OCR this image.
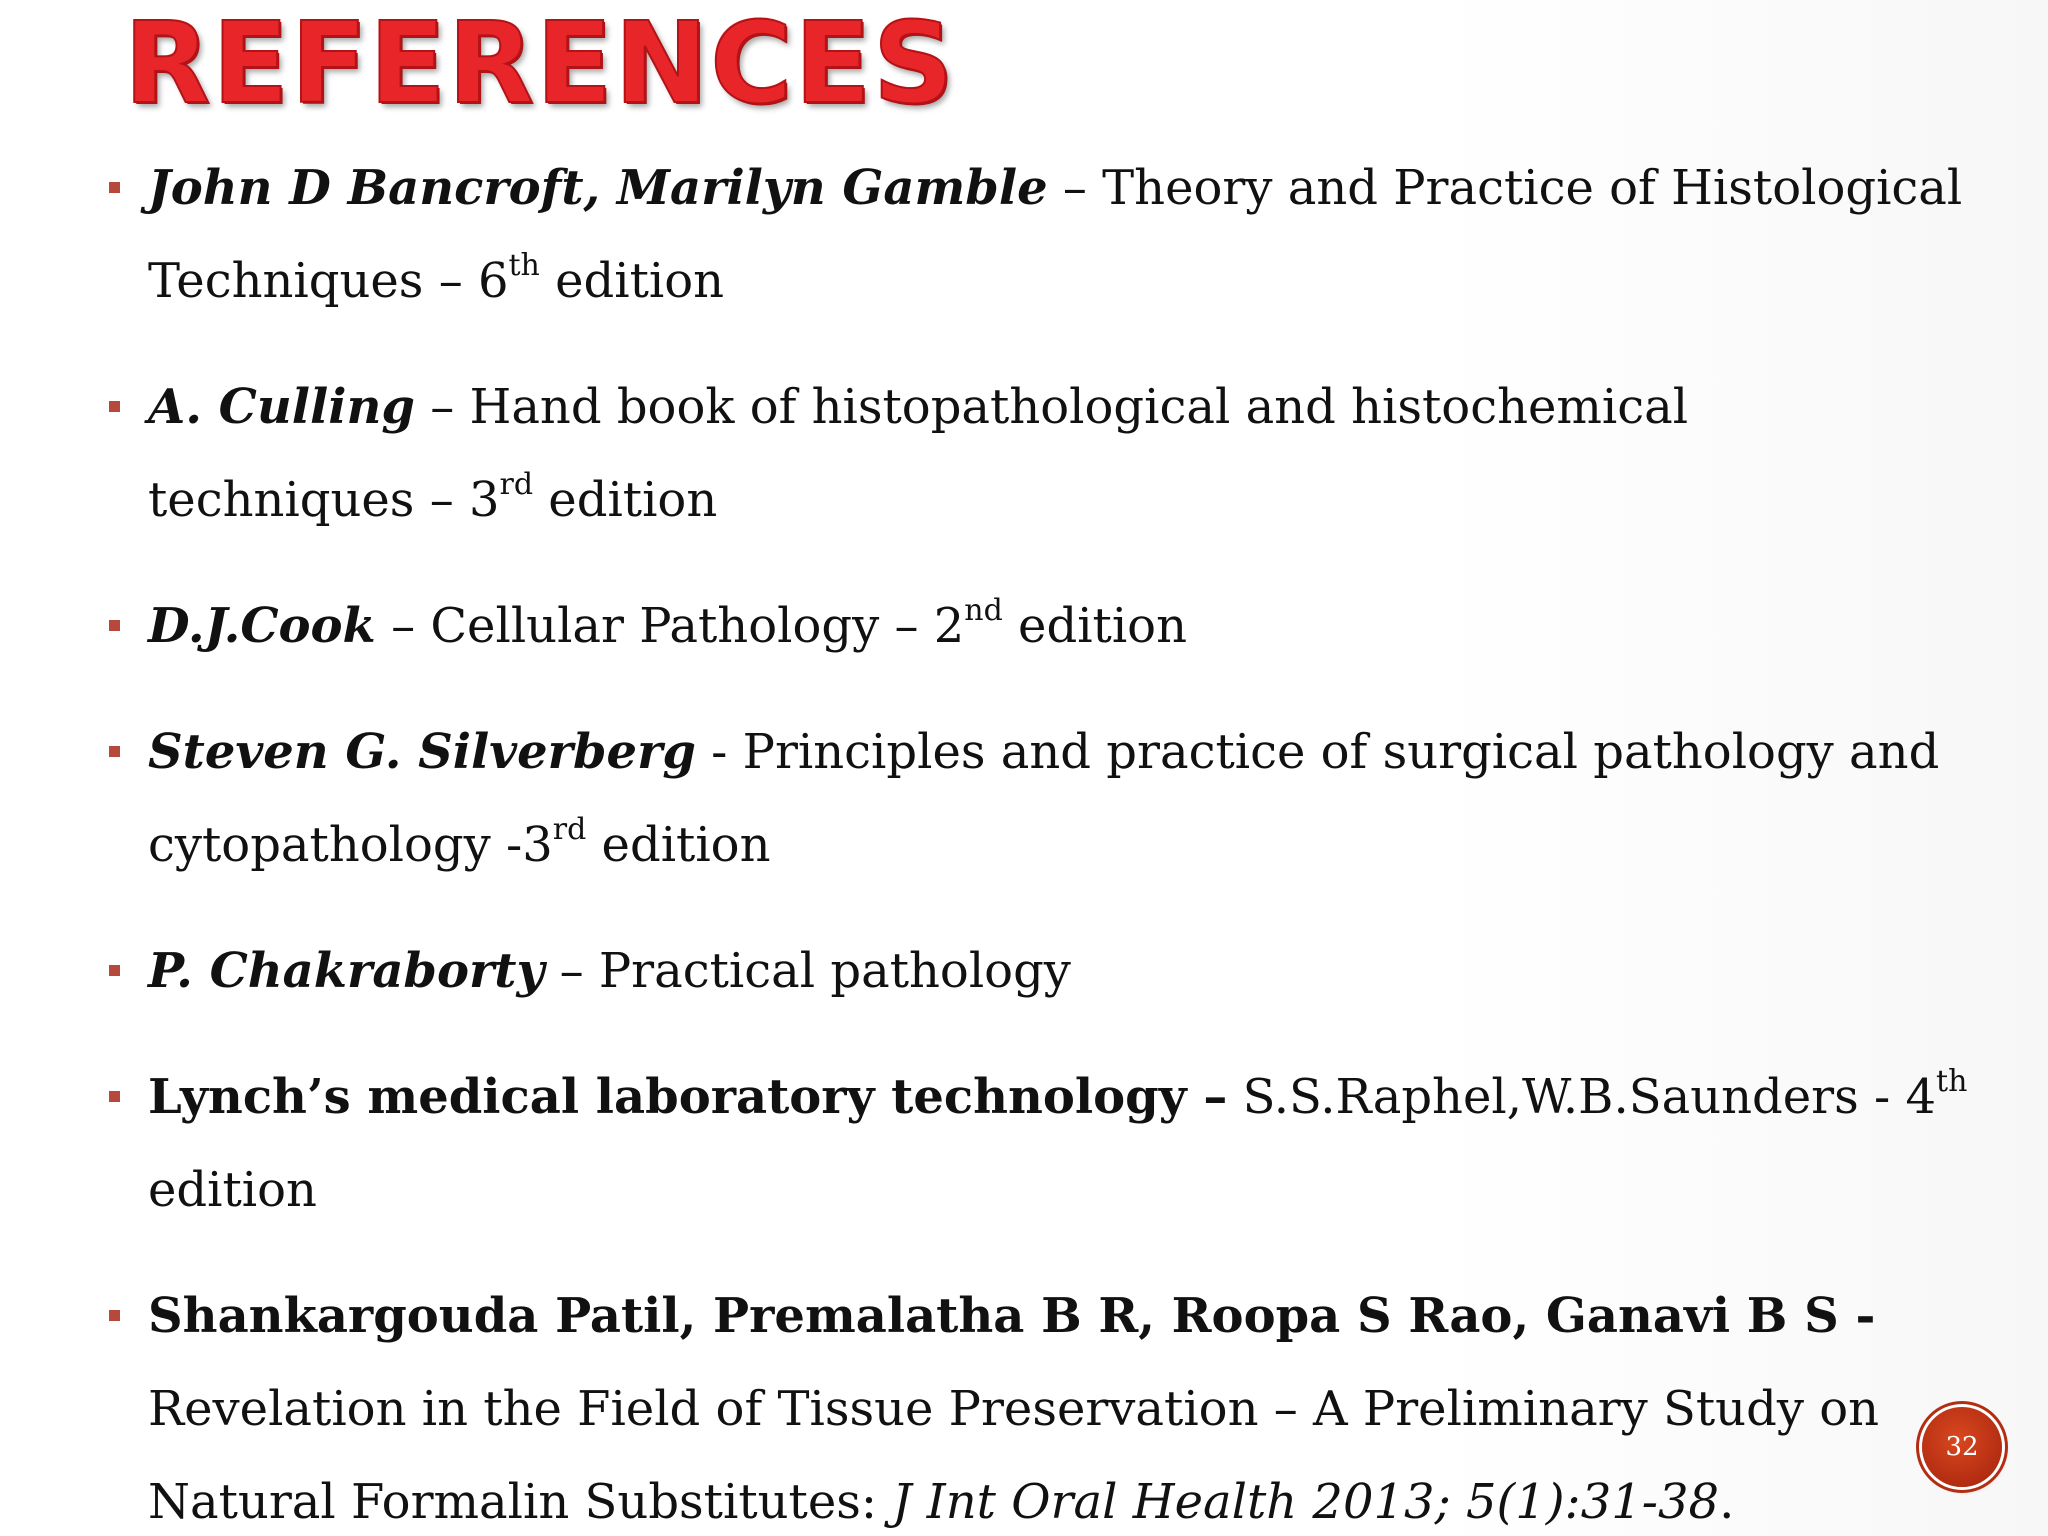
REFERENCES
John D Bancroft, Marilyn Gamble – Theory and Practice of Histological Techniques – 6th edition
A. Culling – Hand book of histopathological and histochemical techniques – 3rd edition
D.J.Cook – Cellular Pathology – 2nd edition
Steven G. Silverberg - Principles and practice of surgical pathology and cytopathology -3rd edition
P. Chakraborty – Practical pathology
Lynch’s medical laboratory technology – S.S.Raphel,W.B.Saunders - 4th edition
Shankargouda Patil, Premalatha B R, Roopa S Rao, Ganavi B S - Revelation in the Field of Tissue Preservation – A Preliminary Study on Natural Formalin Substitutes: J Int Oral Health 2013; 5(1):31-38.
32
